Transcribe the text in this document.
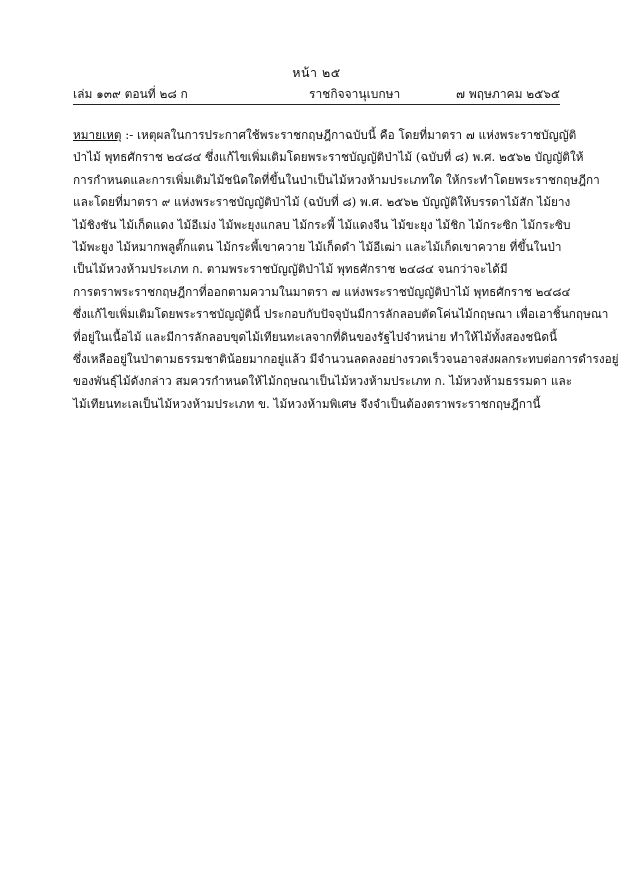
หน้า ๒๕
เล่ม ๑๓๙ ตอนที่ ๒๘ ก	ราชกิจจานุเบกษา	๗ พฤษภาคม ๒๕๖๕
หมายเหตุ :- เหตุผลในการประกาศใช้พระราชกฤษฎีกาฉบับนี้ คือ โดยที่มาตรา ๗ แห่งพระราชบัญญัติ
ป่าไม้ พุทธศักราช ๒๔๘๔ ซึ่งแก้ไขเพิ่มเติมโดยพระราชบัญญัติป่าไม้ (ฉบับที่ ๘) พ.ศ. ๒๕๖๒ บัญญัติให้
การกำหนดและการเพิ่มเติมไม้ชนิดใดที่ขึ้นในป่าเป็นไม้หวงห้ามประเภทใด ให้กระทำโดยพระราชกฤษฎีกา
และโดยที่มาตรา ๙ แห่งพระราชบัญญัติป่าไม้ (ฉบับที่ ๘) พ.ศ. ๒๕๖๒ บัญญัติให้บรรดาไม้สัก ไม้ยาง
ไม้ชิงชัน ไม้เก็ดแดง ไม้อีเม่ง ไม้พะยุงแกลบ ไม้กระพี้ ไม้แดงจีน ไม้ขะยุง ไม้ชิก ไม้กระซิก ไม้กระซิบ
ไม้พะยูง ไม้หมากพลูตั๊กแตน ไม้กระพี้เขาควาย ไม้เก็ดดำ ไม้อีเฒ่า และไม้เก็ดเขาควาย ที่ขึ้นในป่า
เป็นไม้หวงห้ามประเภท ก. ตามพระราชบัญญัติป่าไม้ พุทธศักราช ๒๔๘๔ จนกว่าจะได้มี
การตราพระราชกฤษฎีกาที่ออกตามความในมาตรา ๗ แห่งพระราชบัญญัติป่าไม้ พุทธศักราช ๒๔๘๔
ซึ่งแก้ไขเพิ่มเติมโดยพระราชบัญญัตินี้ ประกอบกับปัจจุบันมีการลักลอบตัดโค่นไม้กฤษณา เพื่อเอาชิ้นกฤษณา
ที่อยู่ในเนื้อไม้ และมีการลักลอบขุดไม้เทียนทะเลจากที่ดินของรัฐไปจำหน่าย ทำให้ไม้ทั้งสองชนิดนี้
ซึ่งเหลืออยู่ในป่าตามธรรมชาติน้อยมากอยู่แล้ว มีจำนวนลดลงอย่างรวดเร็วจนอาจส่งผลกระทบต่อการดำรงอยู่
ของพันธุ์ไม้ดังกล่าว สมควรกำหนดให้ไม้กฤษณาเป็นไม้หวงห้ามประเภท ก. ไม้หวงห้ามธรรมดา และ
ไม้เทียนทะเลเป็นไม้หวงห้ามประเภท ข. ไม้หวงห้ามพิเศษ จึงจำเป็นต้องตราพระราชกฤษฎีกานี้
